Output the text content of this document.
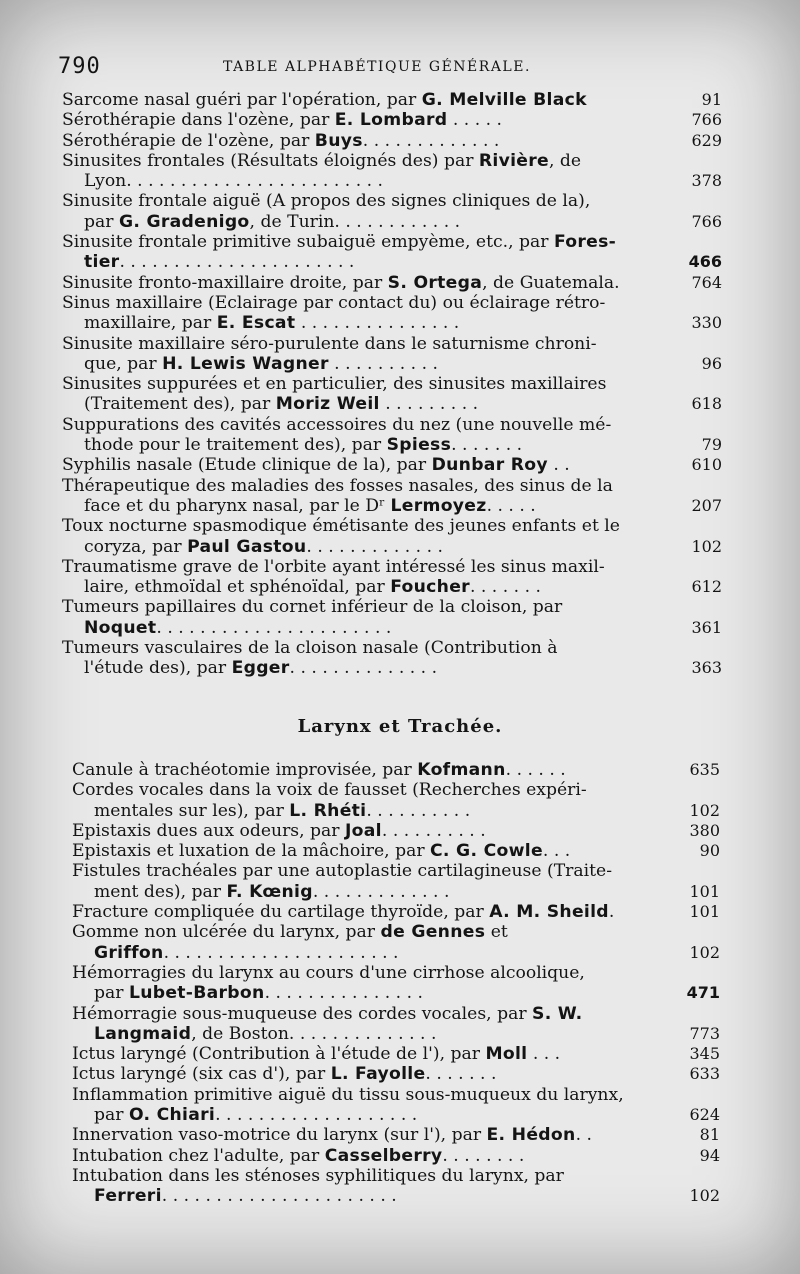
790	TABLE ALPHABÉTIQUE GÉNÉRALE.
Sarcome nasal guéri par l'opération, par G. Melville Black	91
Sérothérapie dans l'ozène, par E. Lombard . . . . .	766
Sérothérapie de l'ozène, par Buys. . . . . . . . . . . . .	629
Sinusites frontales (Résultats éloignés des) par Rivière, de
Lyon. . . . . . . . . . . . . . . . . . . . . . . .	378
Sinusite frontale aiguë (A propos des signes cliniques de la),
par G. Gradenigo, de Turin. . . . . . . . . . . .	766
Sinusite frontale primitive subaiguë empyème, etc., par Fores-
tier. . . . . . . . . . . . . . . . . . . . . .	466
Sinusite fronto-maxillaire droite, par S. Ortega, de Guatemala.	764
Sinus maxillaire (Eclairage par contact du) ou éclairage rétro-
maxillaire, par E. Escat . . . . . . . . . . . . . . .	330
Sinusite maxillaire séro-purulente dans le saturnisme chroni-
que, par H. Lewis Wagner . . . . . . . . . .	96
Sinusites suppurées et en particulier, des sinusites maxillaires
(Traitement des), par Moriz Weil . . . . . . . . .	618
Suppurations des cavités accessoires du nez (une nouvelle mé-
thode pour le traitement des), par Spiess. . . . . . .	79
Syphilis nasale (Etude clinique de la), par Dunbar Roy . .	610
Thérapeutique des maladies des fosses nasales, des sinus de la
face et du pharynx nasal, par le Dʳ Lermoyez. . . . .	207
Toux nocturne spasmodique émétisante des jeunes enfants et le
coryza, par Paul Gastou. . . . . . . . . . . . .	102
Traumatisme grave de l'orbite ayant intéressé les sinus maxil-
laire, ethmoïdal et sphénoïdal, par Foucher. . . . . . .	612
Tumeurs papillaires du cornet inférieur de la cloison, par
Noquet. . . . . . . . . . . . . . . . . . . . . .	361
Tumeurs vasculaires de la cloison nasale (Contribution à
l'étude des), par Egger. . . . . . . . . . . . . .	363
Larynx et Trachée.
Canule à trachéotomie improvisée, par Kofmann. . . . . .	635
Cordes vocales dans la voix de fausset (Recherches expéri-
mentales sur les), par L. Rhéti. . . . . . . . . .	102
Epistaxis dues aux odeurs, par Joal. . . . . . . . . .	380
Epistaxis et luxation de la mâchoire, par C. G. Cowle. . .	90
Fistules trachéales par une autoplastie cartilagineuse (Traite-
ment des), par F. Kœnig. . . . . . . . . . . . .	101
Fracture compliquée du cartilage thyroïde, par A. M. Sheild.	101
Gomme non ulcérée du larynx, par de Gennes et
Griffon. . . . . . . . . . . . . . . . . . . . . .	102
Hémorragies du larynx au cours d'une cirrhose alcoolique,
par Lubet-Barbon. . . . . . . . . . . . . . .	471
Hémorragie sous-muqueuse des cordes vocales, par S. W.
Langmaid, de Boston. . . . . . . . . . . . . .	773
Ictus laryngé (Contribution à l'étude de l'), par Moll . . .	345
Ictus laryngé (six cas d'), par L. Fayolle. . . . . . .	633
Inflammation primitive aiguë du tissu sous-muqueux du larynx,
par O. Chiari. . . . . . . . . . . . . . . . . . .	624
Innervation vaso-motrice du larynx (sur l'), par E. Hédon. .	81
Intubation chez l'adulte, par Casselberry. . . . . . . .	94
Intubation dans les sténoses syphilitiques du larynx, par
Ferreri. . . . . . . . . . . . . . . . . . . . . .	102
